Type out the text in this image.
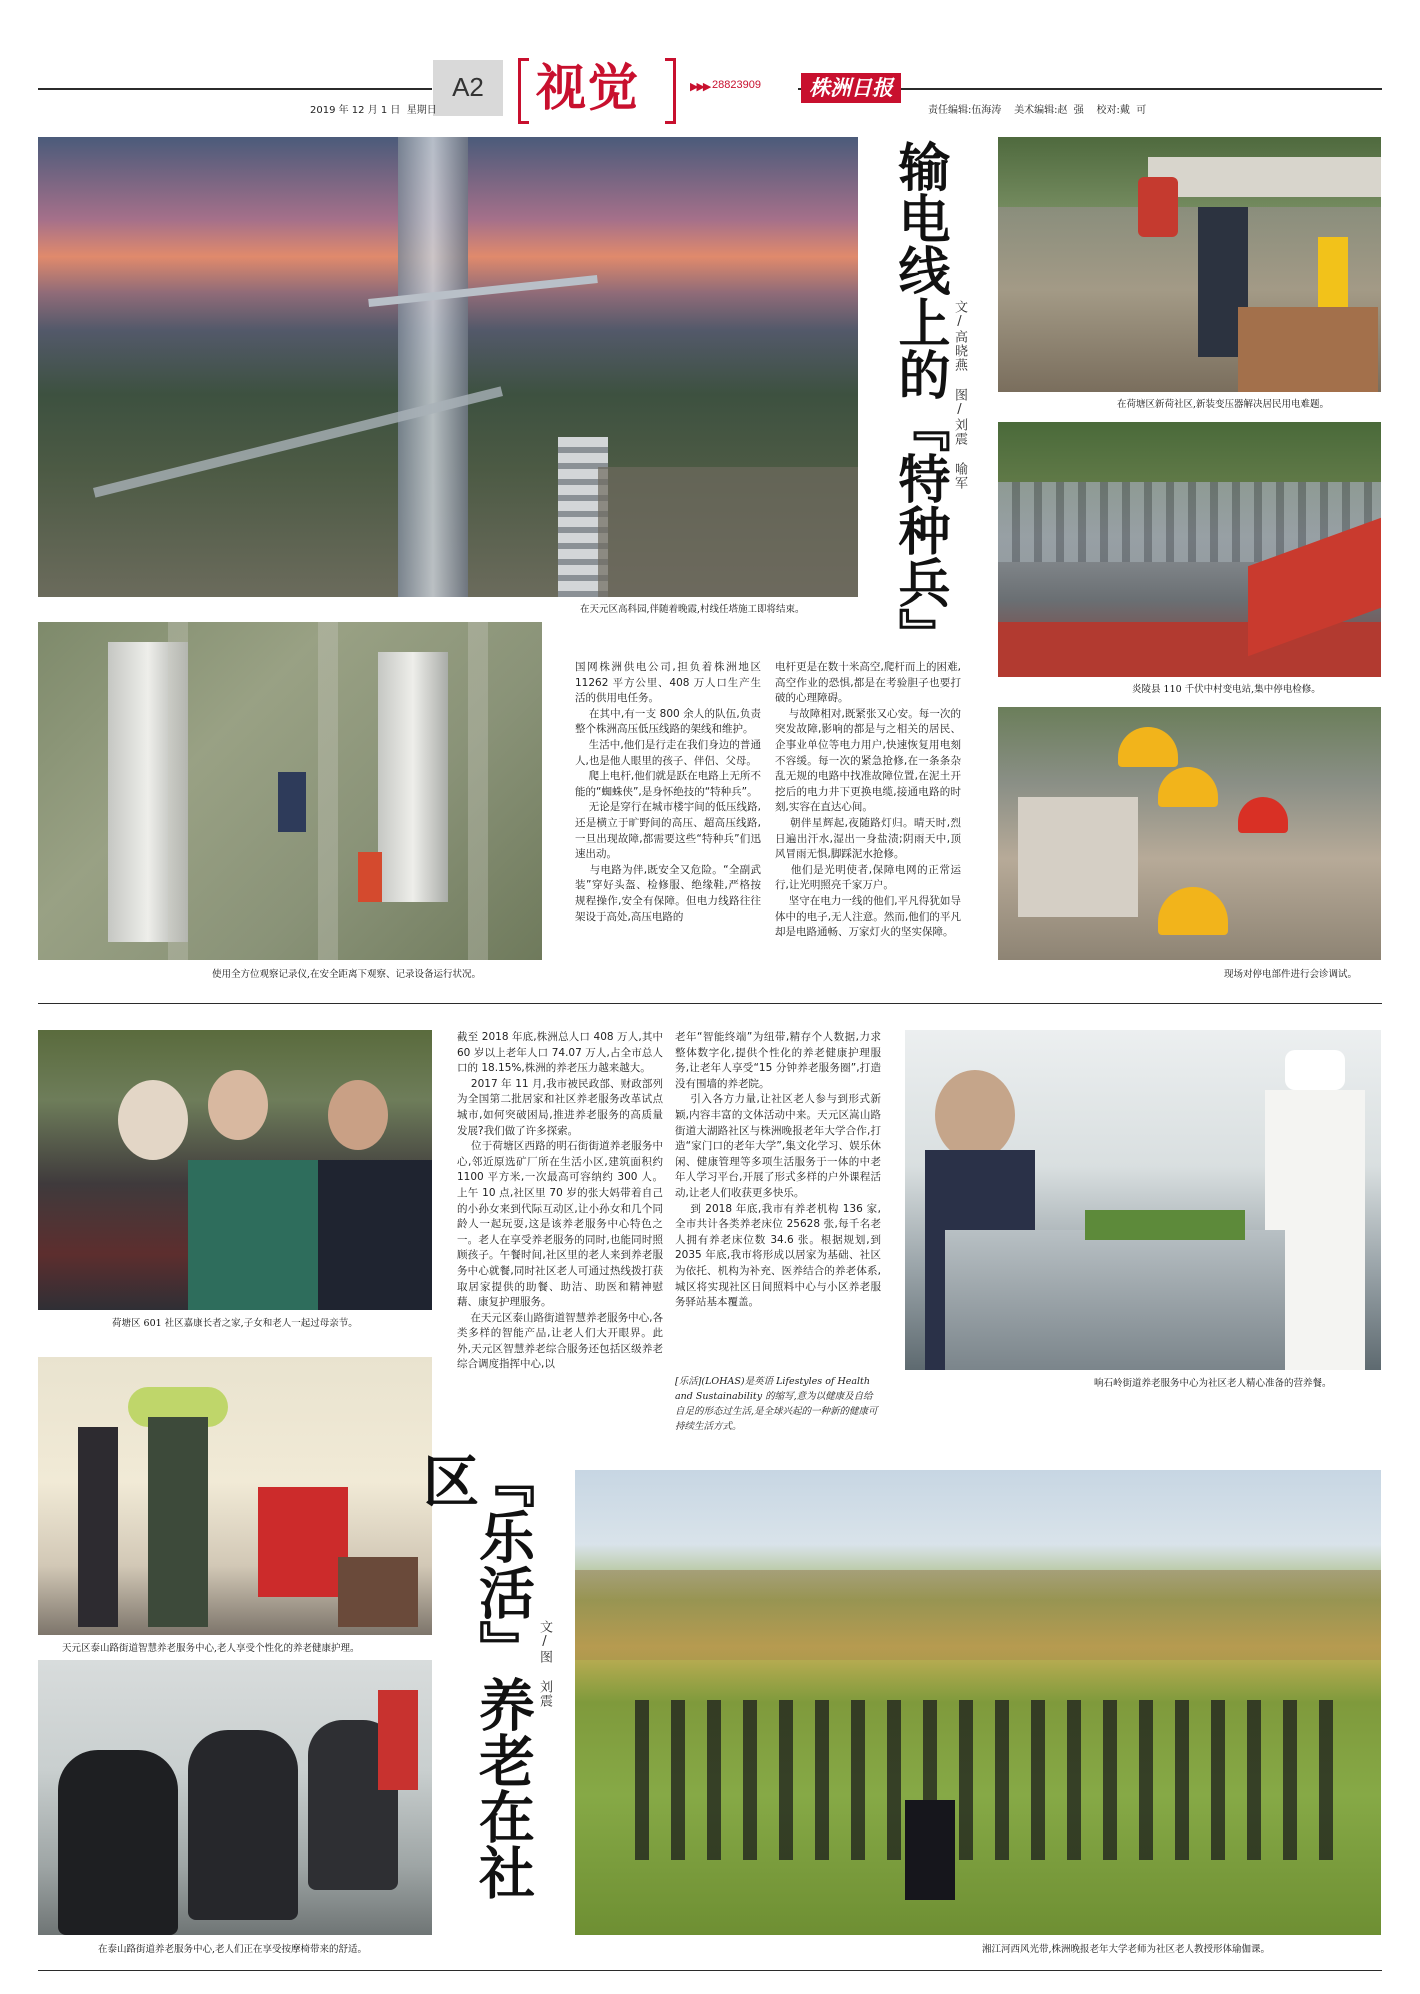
A2	视觉	▶▶▶ 28823909	株洲日报
2019 年 12 月 1 日  星期日	责任编辑:伍海涛    美术编辑:赵  强    校对:戴  可
在天元区高科园,伴随着晚霞,村线任塔施工即将结束。
在荷塘区新荷社区,新装变压器解决居民用电难题。
炎陵县 110 千伏中村变电站,集中停电检修。
使用全方位观察记录仪,在安全距离下观察、记录设备运行状况。	现场对停电部件进行会诊调试。
输电线上的『特种兵』 文/高晓燕 图/刘震 喻军
国网株洲供电公司,担负着株洲地区 11262 平方公里、408 万人口生产生活的供用电任务。
在其中,有一支 800 余人的队伍,负责整个株洲高压低压线路的架线和维护。
生活中,他们是行走在我们身边的普通人,也是他人眼里的孩子、伴侣、父母。
爬上电杆,他们就是跃在电路上无所不能的“蜘蛛侠”,是身怀绝技的“特种兵”。
无论是穿行在城市楼宇间的低压线路,还是横立于旷野间的高压、超高压线路,一旦出现故障,都需要这些“特种兵”们迅速出动。
与电路为伴,既安全又危险。“全副武装”穿好头盔、检修服、绝缘鞋,严格按规程操作,安全有保障。但电力线路往往架设于高处,高压电路的
电杆更是在数十米高空,爬杆而上的困难,高空作业的恐惧,都是在考验胆子也要打破的心理障碍。
与故障相对,既紧张又心安。每一次的突发故障,影响的都是与之相关的居民、企事业单位等电力用户,快速恢复用电刻不容缓。每一次的紧急抢修,在一条条杂乱无规的电路中找准故障位置,在泥土开挖后的电力井下更换电缆,接通电路的时刻,实容在直达心间。
朝伴星辉起,夜随路灯归。晴天时,烈日遍出汗水,湿出一身盐渍;阴雨天中,顶风冒雨无惧,脚踩泥水抢修。
他们是光明使者,保障电网的正常运行,让光明照亮千家万户。
坚守在电力一线的他们,平凡得犹如导体中的电子,无人注意。然而,他们的平凡却是电路通畅、万家灯火的坚实保障。
荷塘区 601 社区嘉康长者之家,子女和老人一起过母亲节。
截至 2018 年底,株洲总人口 408 万人,其中 60 岁以上老年人口 74.07 万人,占全市总人口的 18.15%,株洲的养老压力越来越大。
2017 年 11 月,我市被民政部、财政部列为全国第二批居家和社区养老服务改革试点城市,如何突破困局,推进养老服务的高质量发展?我们做了许多探索。
位于荷塘区西路的明石街街道养老服务中心,邻近原选矿厂所在生活小区,建筑面积约 1100 平方米,一次最高可容纳约 300 人。上午 10 点,社区里 70 岁的张大妈带着自己的小孙女来到代际互动区,让小孙女和几个同龄人一起玩耍,这是该养老服务中心特色之一。老人在享受养老服务的同时,也能同时照顾孩子。午餐时间,社区里的老人来到养老服务中心就餐,同时社区老人可通过热线拨打获取居家提供的助餐、助洁、助医和精神慰藉、康复护理服务。
在天元区泰山路街道智慧养老服务中心,各类多样的智能产品,让老人们大开眼界。此外,天元区智慧养老综合服务还包括区级养老综合调度指挥中心,以
老年“智能终端”为纽带,精存个人数据,力求整体数字化,提供个性化的养老健康护理服务,让老年人享受“15 分钟养老服务圈”,打造没有围墙的养老院。
引入各方力量,让社区老人参与到形式新颖,内容丰富的文体活动中来。天元区嵩山路街道大湖路社区与株洲晚报老年大学合作,打造“家门口的老年大学”,集文化学习、娱乐休闲、健康管理等多项生活服务于一体的中老年人学习平台,开展了形式多样的户外课程活动,让老人们收获更多快乐。
到 2018 年底,我市有养老机构 136 家,全市共计各类养老床位 25628 张,每千名老人拥有养老床位数 34.6 张。根据规划,到 2035 年底,我市将形成以居家为基础、社区为依托、机构为补充、医养结合的养老体系,城区将实现社区日间照料中心与小区养老服务驿站基本覆盖。
[乐活](LOHAS)是英语 Lifestyles of Health and Sustainability 的缩写,意为以健康及自给自足的形态过生活,是全球兴起的一种新的健康可持续生活方式。
响石岭街道养老服务中心为社区老人精心准备的营养餐。
天元区泰山路街道智慧养老服务中心,老人享受个性化的养老健康护理。 『乐活』养老在社区
文/图 刘震
湘江河西风光带,株洲晚报老年大学老师为社区老人教授形体瑜伽课。
在泰山路街道养老服务中心,老人们正在享受按摩椅带来的舒适。
